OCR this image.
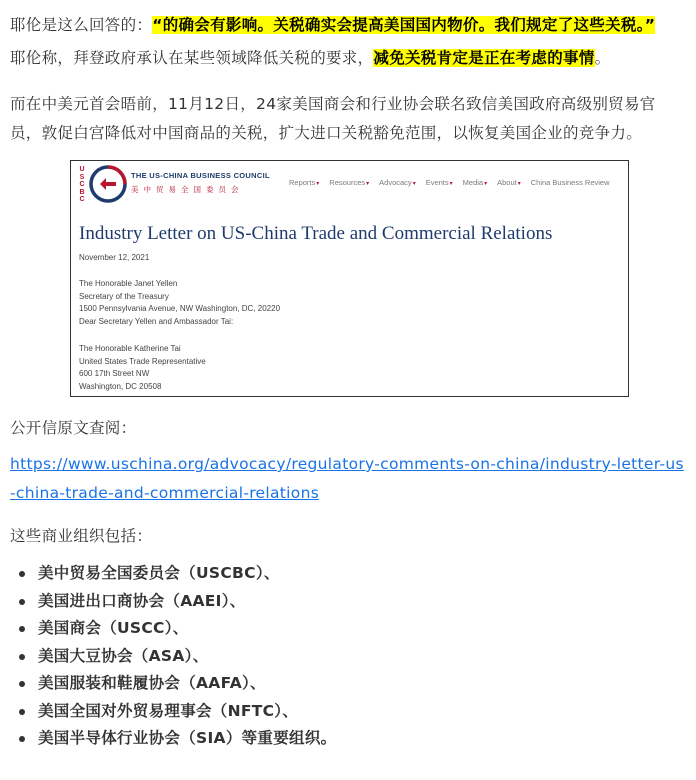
耶伦是这么回答的：“的确会有影响。关税确实会提高美国国内物价。我们规定了这些关税。”
耶伦称，拜登政府承认在某些领域降低关税的要求，减免关税肯定是正在考虑的事情。
而在中美元首会晤前，11月12日，24家美国商会和行业协会联名致信美国政府高级别贸易官员，敦促白宫降低对中国商品的关税，扩大进口关税豁免范围，以恢复美国企业的竞争力。
U
S
C
B
C
THE US-CHINA BUSINESS COUNCIL
美中贸易全国委员会
Reports▾ Resources▾ Advocacy▾ Events▾ Media▾ About▾ China Business Review
Industry Letter on US-China Trade and Commercial Relations
November 12, 2021
The Honorable Janet Yellen
Secretary of the Treasury
1500 Pennsylvania Avenue, NW Washington, DC, 20220
Dear Secretary Yellen and Ambassador Tai:
The Honorable Katherine Tai
United States Trade Representative
600 17th Street NW
Washington, DC 20508
公开信原文查阅：
https://www.uschina.org/advocacy/regulatory-comments-on-china/industry-letter-us-china-trade-and-commercial-relations
这些商业组织包括：
美中贸易全国委员会（USCBC）、
美国进出口商协会（AAEI）、
美国商会（USCC）、
美国大豆协会（ASA）、
美国服装和鞋履协会（AAFA）、
美国全国对外贸易理事会（NFTC）、
美国半导体行业协会（SIA）等重要组织。
